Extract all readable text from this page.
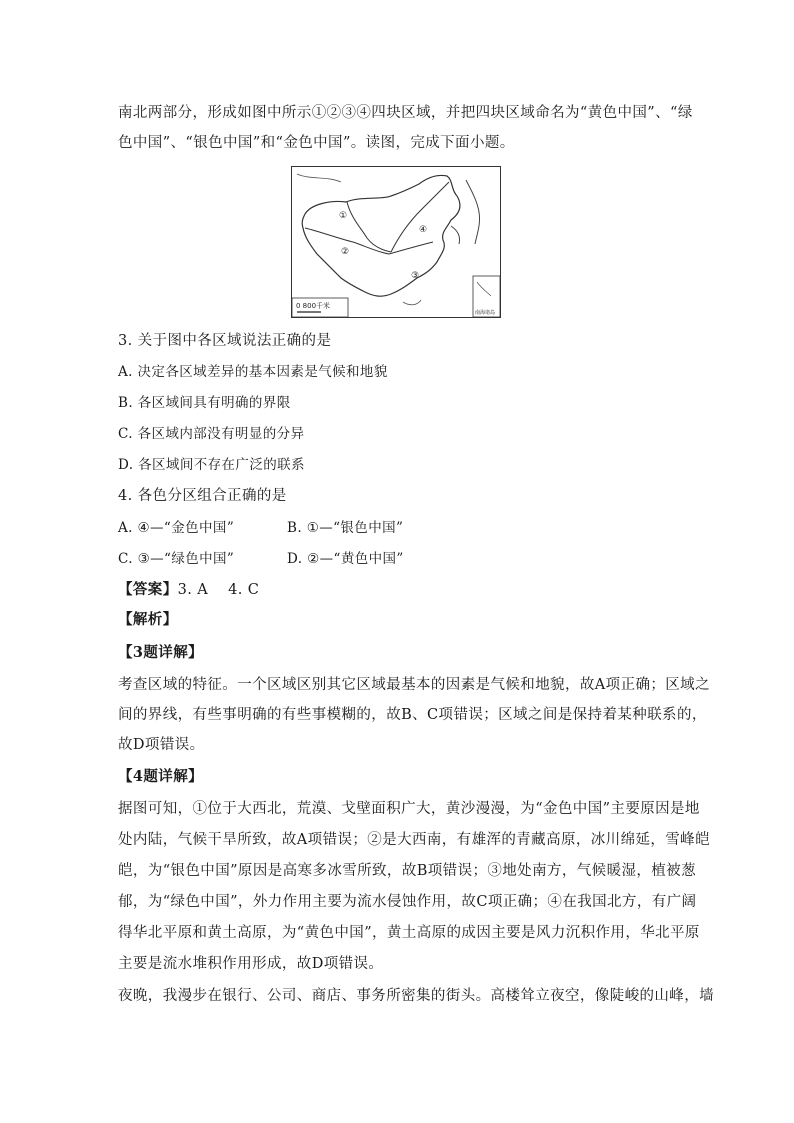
南北两部分，形成如图中所示①②③④四块区域，并把四块区域命名为“黄色中国”、“绿
色中国”、“银色中国”和“金色中国”。读图，完成下面小题。
①
②
③
④
0 800千米
南海诸岛
3. 关于图中各区域说法正确的是
A. 决定各区域差异的基本因素是气候和地貌
B. 各区域间具有明确的界限
C. 各区域内部没有明显的分异
D. 各区域间不存在广泛的联系
4. 各色分区组合正确的是
A. ④—“金色中国”	B. ①—“银色中国”
C. ③—“绿色中国”	D. ②—“黄色中国”
【答案】3. A    4. C
【解析】
【3题详解】
考查区域的特征。一个区域区别其它区域最基本的因素是气候和地貌，故A项正确；区域之
间的界线，有些事明确的有些事模糊的，故B、C项错误；区域之间是保持着某种联系的，
故D项错误。
【4题详解】
据图可知，①位于大西北，荒漠、戈壁面积广大，黄沙漫漫，为“金色中国”主要原因是地
处内陆，气候干旱所致，故A项错误；②是大西南，有雄浑的青藏高原，冰川绵延，雪峰皑
皑，为“银色中国”原因是高寒多冰雪所致，故B项错误；③地处南方，气候暖湿，植被葱
郁，为“绿色中国”，外力作用主要为流水侵蚀作用，故C项正确；④在我国北方，有广阔
得华北平原和黄土高原，为“黄色中国”，黄土高原的成因主要是风力沉积作用，华北平原
主要是流水堆积作用形成，故D项错误。
夜晚，我漫步在银行、公司、商店、事务所密集的街头。高楼耸立夜空，像陡峻的山峰，墙
